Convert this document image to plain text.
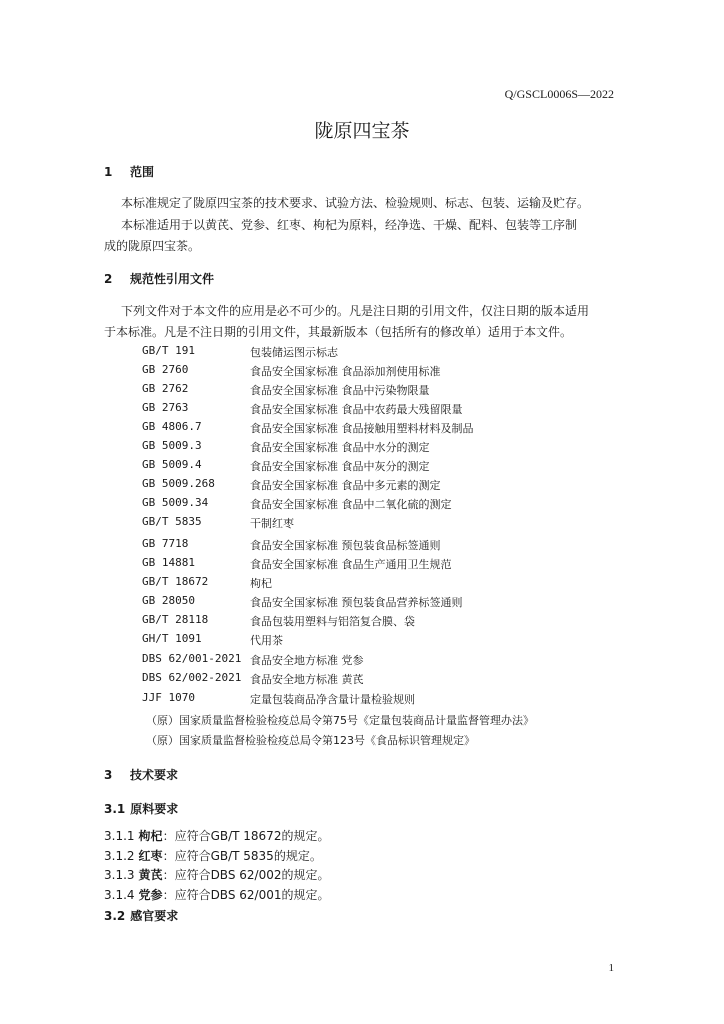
Q/GSCL0006S—2022
陇原四宝茶
1 范围
本标准规定了陇原四宝茶的技术要求、试验方法、检验规则、标志、包装、运输及贮存。
本标准适用于以黄芪、党参、红枣、枸杞为原料，经净选、干燥、配料、包装等工序制
成的陇原四宝茶。
2 规范性引用文件
下列文件对于本文件的应用是必不可少的。凡是注日期的引用文件，仅注日期的版本适用
于本标准。凡是不注日期的引用文件，其最新版本（包括所有的修改单）适用于本文件。
GB/T 191	包装储运图示标志
GB 2760	食品安全国家标准 食品添加剂使用标准
GB 2762	食品安全国家标准 食品中污染物限量
GB 2763	食品安全国家标准 食品中农药最大残留限量
GB 4806.7	食品安全国家标准 食品接触用塑料材料及制品
GB 5009.3	食品安全国家标准 食品中水分的测定
GB 5009.4	食品安全国家标准 食品中灰分的测定
GB 5009.268	食品安全国家标准 食品中多元素的测定
GB 5009.34	食品安全国家标准 食品中二氧化硫的测定
GB/T 5835	干制红枣
GB 7718	食品安全国家标准 预包装食品标签通则
GB 14881	食品安全国家标准 食品生产通用卫生规范
GB/T 18672	枸杞
GB 28050	食品安全国家标准 预包装食品营养标签通则
GB/T 28118	食品包装用塑料与铝箔复合膜、袋
GH/T 1091	代用茶
DBS 62/001-2021 食品安全地方标准 党参
DBS 62/002-2021 食品安全地方标准 黄芪
JJF 1070	定量包装商品净含量计量检验规则
（原）国家质量监督检验检疫总局令第75号《定量包装商品计量监督管理办法》
（原）国家质量监督检验检疫总局令第123号《食品标识管理规定》
3 技术要求
3.1 原料要求
3.1.1 枸杞：应符合GB/T 18672的规定。
3.1.2 红枣：应符合GB/T 5835的规定。
3.1.3 黄芪：应符合DBS 62/002的规定。
3.1.4 党参：应符合DBS 62/001的规定。
3.2 感官要求
1
